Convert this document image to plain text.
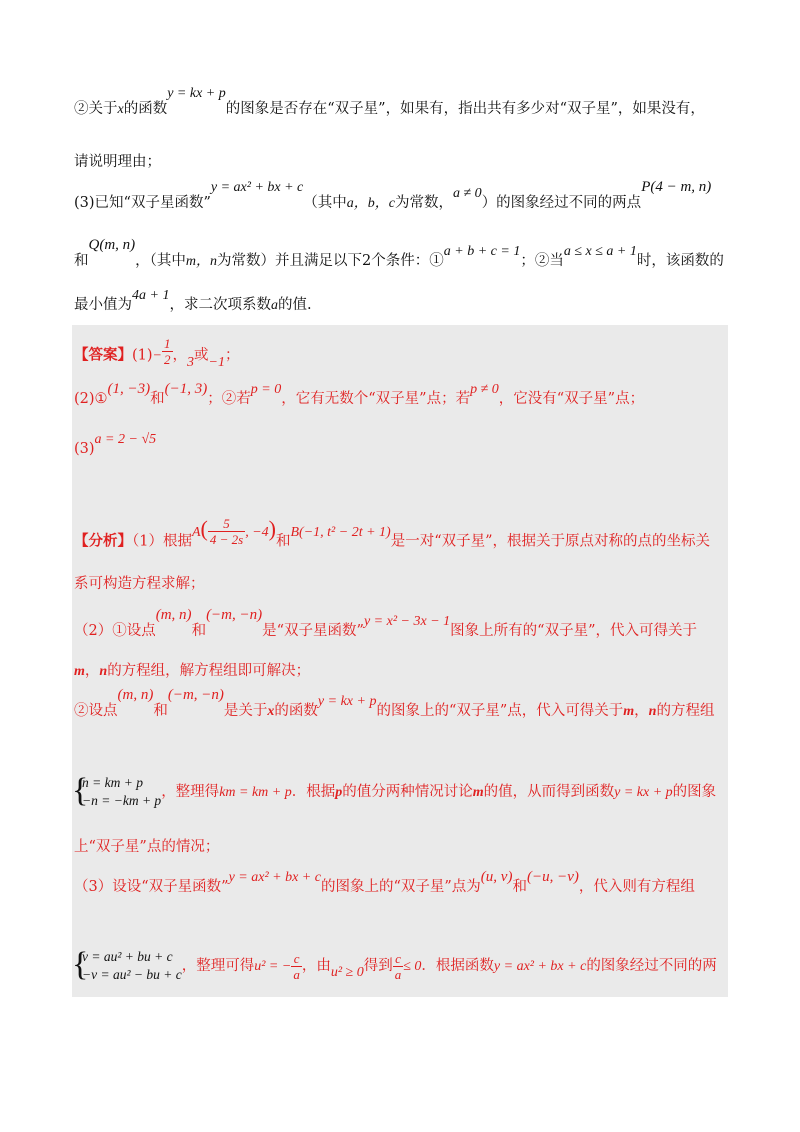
②关于x的函数y = kx + p的图象是否存在“双子星”，如果有，指出共有多少对“双子星”，如果没有，
请说明理由；
(3)已知“双子星函数”y = ax² + bx + c（其中a，b，c为常数，a ≠ 0）的图象经过不同的两点P(4 − m, n)
和Q(m, n)，（其中m，n为常数）并且满足以下2个条件：①a + b + c = 1；②当a ≤ x ≤ a + 1时，该函数的
最小值为4a + 1，求二次项系数a的值.
【答案】$(1)- \frac{1}{2}$ ，3或−1；
(2)①(1, −3)和(−1, 3)；②若p = 0，它有无数个“双子星”点；若p ≠ 0，它没有“双子星”点；
(3)a = 2 − √5
【分析】（1）根据$A( \frac{5}{4 - 2s}$ , −4)和B(−1, t² − 2t + 1)是一对“双子星”，根据关于原点对称的点的坐标关
系可构造方程求解；
（2）①设点(m, n)和(−m, −n)是“双子星函数”y = x² − 3x − 1图象上所有的“双子星”，代入可得关于
m，n的方程组，解方程组即可解决；
②设点(m, n)和(−m, −n)是关于x的函数y = kx + p的图象上的“双子星”点，代入可得关于m，n的方程组
{
n = km + p
−n = −km + p
，整理得km = km + p．根据p的值分两种情况讨论m的值，从而得到函数y = kx + p的图象
上“双子星”点的情况；
（3）设设“双子星函数”y = ax² + bx + c的图象上的“双子星”点为(u, v)和(−u, −v)，代入则有方程组
{
v = au² + bu + c
−v = au² − bu + c
，整理可得u² = − $\frac{c}{a}$ ，由u² ≥ 0得到 $\frac{c}{a} \le 0$．根据函数y = ax² + bx + c的图象经过不同的两
